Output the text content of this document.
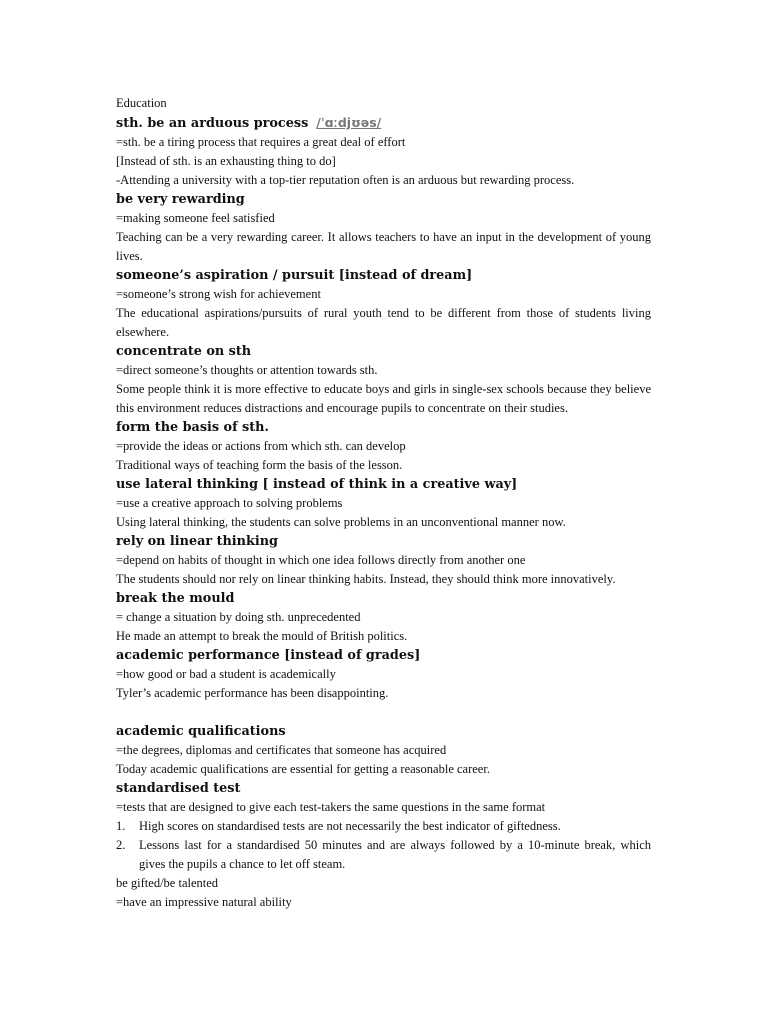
Education
sth. be an arduous process /ˈɑːdjʊəs/
=sth. be a tiring process that requires a great deal of effort
[Instead of sth. is an exhausting thing to do]
-Attending a university with a top-tier reputation often is an arduous but rewarding process.
be very rewarding
=making someone feel satisfied
Teaching can be a very rewarding career. It allows teachers to have an input in the development of young lives.
someone’s aspiration / pursuit [instead of dream]
=someone’s strong wish for achievement
The educational aspirations/pursuits of rural youth tend to be different from those of students living elsewhere.
concentrate on sth
=direct someone’s thoughts or attention towards sth.
Some people think it is more effective to educate boys and girls in single-sex schools because they believe this environment reduces distractions and encourage pupils to concentrate on their studies.
form the basis of sth.
=provide the ideas or actions from which sth. can develop
Traditional ways of teaching form the basis of the lesson.
use lateral thinking [ instead of think in a creative way]
=use a creative approach to solving problems
Using lateral thinking, the students can solve problems in an unconventional manner now.
rely on linear thinking
=depend on habits of thought in which one idea follows directly from another one
The students should nor rely on linear thinking habits. Instead, they should think more innovatively.
break the mould
= change a situation by doing sth. unprecedented
He made an attempt to break the mould of British politics.
academic performance [instead of grades]
=how good or bad a student is academically
Tyler’s academic performance has been disappointing.
academic qualifications
=the degrees, diplomas and certificates that someone has acquired
Today academic qualifications are essential for getting a reasonable career.
standardised test
=tests that are designed to give each test-takers the same questions in the same format
1. High scores on standardised tests are not necessarily the best indicator of giftedness.
2. Lessons last for a standardised 50 minutes and are always followed by a 10-minute break, which gives the pupils a chance to let off steam.
be gifted/be talented
=have an impressive natural ability
